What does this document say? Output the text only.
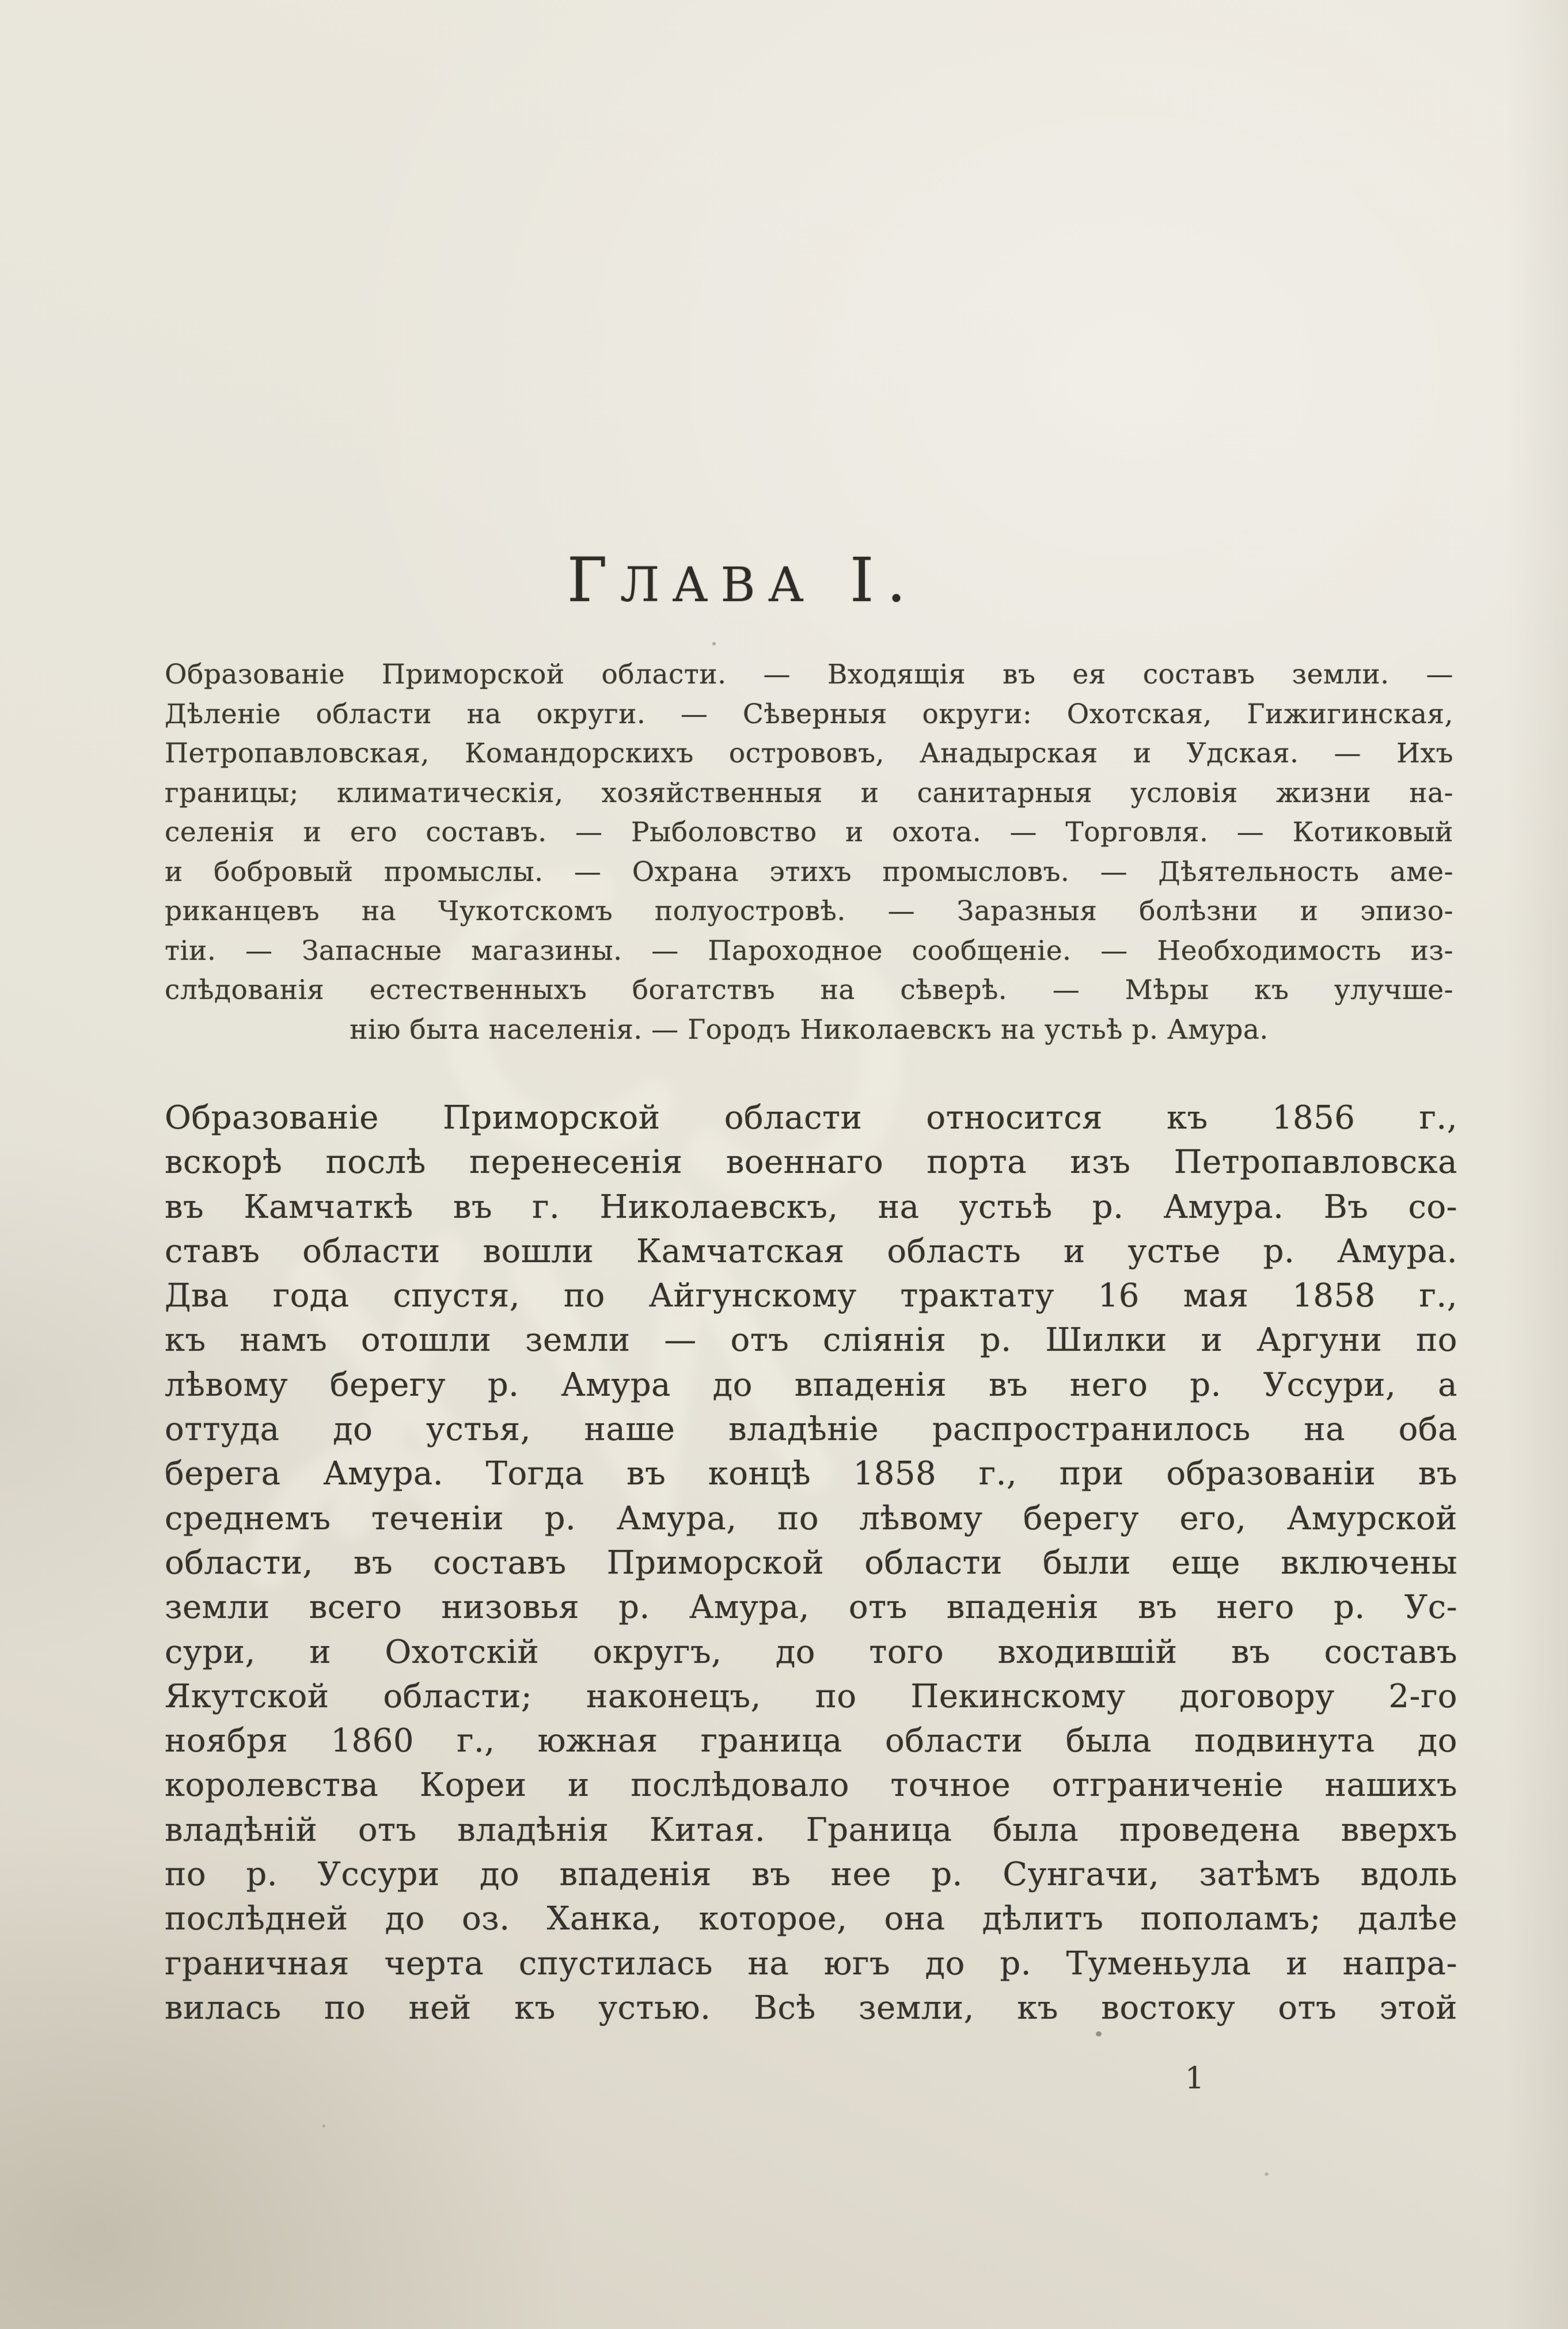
ГЛАВА I.
Образованіе Приморской области. — Входящія въ ея составъ земли. —
Дѣленіе области на округи. — Сѣверныя округи: Охотская, Гижигинская,
Петропавловская, Командорскихъ острововъ, Анадырская и Удская. — Ихъ
границы; климатическія, хозяйственныя и санитарныя условія жизни на-
селенія и его составъ. — Рыболовство и охота. — Торговля. — Котиковый
и бобровый промыслы. — Охрана этихъ промысловъ. — Дѣятельность аме-
риканцевъ на Чукотскомъ полуостровѣ. — Заразныя болѣзни и эпизо-
тіи. — Запасные магазины. — Пароходное сообщеніе. — Необходимость из-
слѣдованія естественныхъ богатствъ на сѣверѣ. — Мѣры къ улучше-
нію быта населенія. — Городъ Николаевскъ на устьѣ р. Амура.
Образованіе Приморской области относится къ 1856 г.,
вскорѣ послѣ перенесенія военнаго порта изъ Петропавловска
въ Камчаткѣ въ г. Николаевскъ, на устьѣ р. Амура. Въ со-
ставъ области вошли Камчатская область и устье р. Амура.
Два года спустя, по Айгунскому трактату 16 мая 1858 г.,
къ намъ отошли земли — отъ сліянія р. Шилки и Аргуни по
лѣвому берегу р. Амура до впаденія въ него р. Уссури, а
оттуда до устья, наше владѣніе распространилось на оба
берега Амура. Тогда въ концѣ 1858 г., при образованіи въ
среднемъ теченіи р. Амура, по лѣвому берегу его, Амурской
области, въ составъ Приморской области были еще включены
земли всего низовья р. Амура, отъ впаденія въ него р. Ус-
сури, и Охотскій округъ, до того входившій въ составъ
Якутской области; наконецъ, по Пекинскому договору 2-го
ноября 1860 г., южная граница области была подвинута до
королевства Кореи и послѣдовало точное отграниченіе нашихъ
владѣній отъ владѣнія Китая. Граница была проведена вверхъ
по р. Уссури до впаденія въ нее р. Сунгачи, затѣмъ вдоль
послѣдней до оз. Ханка, которое, она дѣлитъ пополамъ; далѣе
граничная черта спустилась на югъ до р. Туменьула и напра-
вилась по ней къ устью. Всѣ земли, къ востоку отъ этой
1
